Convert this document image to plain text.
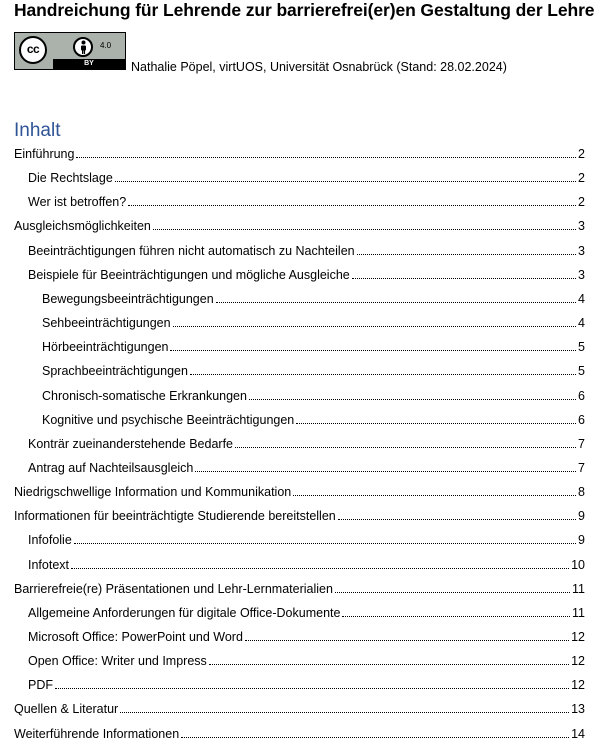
Handreichung für Lehrende zur barrierefrei(er)en Gestaltung der Lehre
cc	4.0
BY	Nathalie Pöpel, virtUOS, Universität Osnabrück (Stand: 28.02.2024)
Inhalt
Einführung	2
Die Rechtslage	2
Wer ist betroffen?	2
Ausgleichsmöglichkeiten	3
Beeinträchtigungen führen nicht automatisch zu Nachteilen	3
Beispiele für Beeinträchtigungen und mögliche Ausgleiche	3
Bewegungsbeeinträchtigungen	4
Sehbeeinträchtigungen	4
Hörbeeinträchtigungen	5
Sprachbeeinträchtigungen	5
Chronisch-somatische Erkrankungen	6
Kognitive und psychische Beeinträchtigungen	6
Konträr zueinanderstehende Bedarfe	7
Antrag auf Nachteilsausgleich	7
Niedrigschwellige Information und Kommunikation	8
Informationen für beeinträchtigte Studierende bereitstellen	9
Infofolie	9
Infotext	10
Barrierefreie(re) Präsentationen und Lehr-Lernmaterialien	11
Allgemeine Anforderungen für digitale Office-Dokumente	11
Microsoft Office: PowerPoint und Word	12
Open Office: Writer und Impress	12
PDF	12
Quellen & Literatur	13
Weiterführende Informationen	14
